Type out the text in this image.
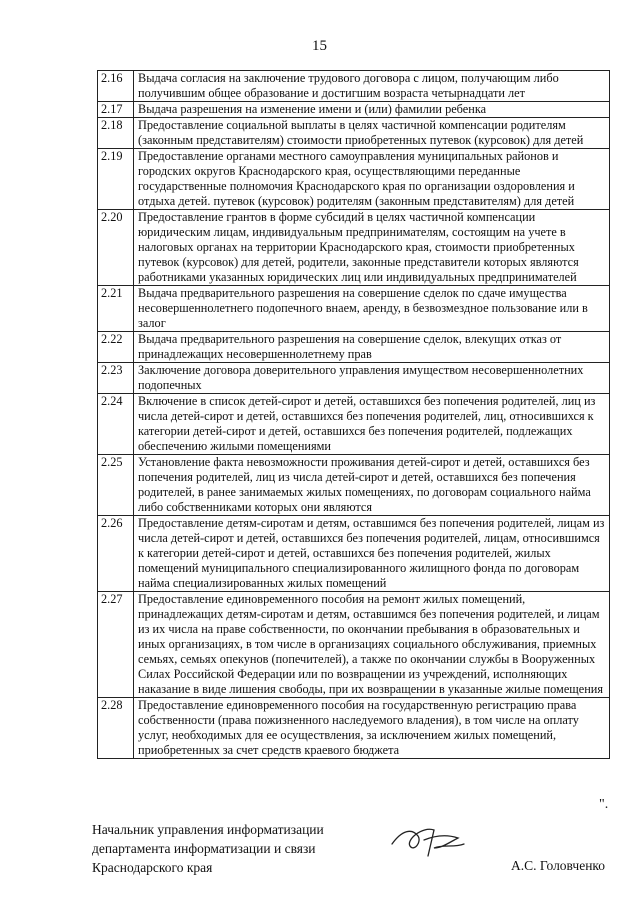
15
2.16	Выдача согласия на заключение трудового договора с лицом, получающим либо получившим общее образование и достигшим возраста четырнадцати лет
2.17	Выдача разрешения на изменение имени и (или) фамилии ребенка
2.18	Предоставление социальной выплаты в целях частичной компенсации родителям (законным представителям) стоимости приобретенных путевок (курсовок) для детей
2.19	Предоставление органами местного самоуправления муниципальных районов и городских округов Краснодарского края, осуществляющими переданные государственные полномочия Краснодарского края по организации оздоровления и отдыха детей. путевок (курсовок) родителям (законным представителям) для детей
2.20	Предоставление грантов в форме субсидий в целях частичной компенсации юридическим лицам, индивидуальным предпринимателям, состоящим на учете в налоговых органах на территории Краснодарского края, стоимости приобретенных путевок (курсовок) для детей, родители, законные представители которых являются работниками указанных юридических лиц или индивидуальных предпринимателей
2.21	Выдача предварительного разрешения на совершение сделок по сдаче имущества несовершеннолетнего подопечного внаем, аренду, в безвозмездное пользование или в залог
2.22	Выдача предварительного разрешения на совершение сделок, влекущих отказ от принадлежащих несовершеннолетнему прав
2.23	Заключение договора доверительного управления имуществом несовершеннолетних подопечных
2.24	Включение в список детей-сирот и детей, оставшихся без попечения родителей, лиц из числа детей-сирот и детей, оставшихся без попечения родителей, лиц, относившихся к категории детей-сирот и детей, оставшихся без попечения родителей, подлежащих обеспечению жилыми помещениями
2.25	Установление факта невозможности проживания детей-сирот и детей, оставшихся без попечения родителей, лиц из числа детей-сирот и детей, оставшихся без попечения родителей, в ранее занимаемых жилых помещениях, по договорам социального найма либо собственниками которых они являются
2.26	Предоставление детям-сиротам и детям, оставшимся без попечения родителей, лицам из числа детей-сирот и детей, оставшихся без попечения родителей, лицам, относившимся к категории детей-сирот и детей, оставшихся без попечения родителей, жилых помещений муниципального специализированного жилищного фонда по договорам найма специализированных жилых помещений
2.27	Предоставление единовременного пособия на ремонт жилых помещений, принадлежащих детям-сиротам и детям, оставшимся без попечения родителей, и лицам из их числа на праве собственности, по окончании пребывания в образовательных и иных организациях, в том числе в организациях социального обслуживания, приемных семьях, семьях опекунов (попечителей), а также по окончании службы в Вооруженных Силах Российской Федерации или по возвращении из учреждений, исполняющих наказание в виде лишения свободы, при их возвращении в указанные жилые помещения
2.28	Предоставление единовременного пособия на государственную регистрацию права собственности (права пожизненного наследуемого владения), в том числе на оплату услуг, необходимых для ее осуществления, за исключением жилых помещений, приобретенных за счет средств краевого бюджета
".
Начальник управления информатизации
департамента информатизации и связи
Краснодарского края	А.С. Головченко
